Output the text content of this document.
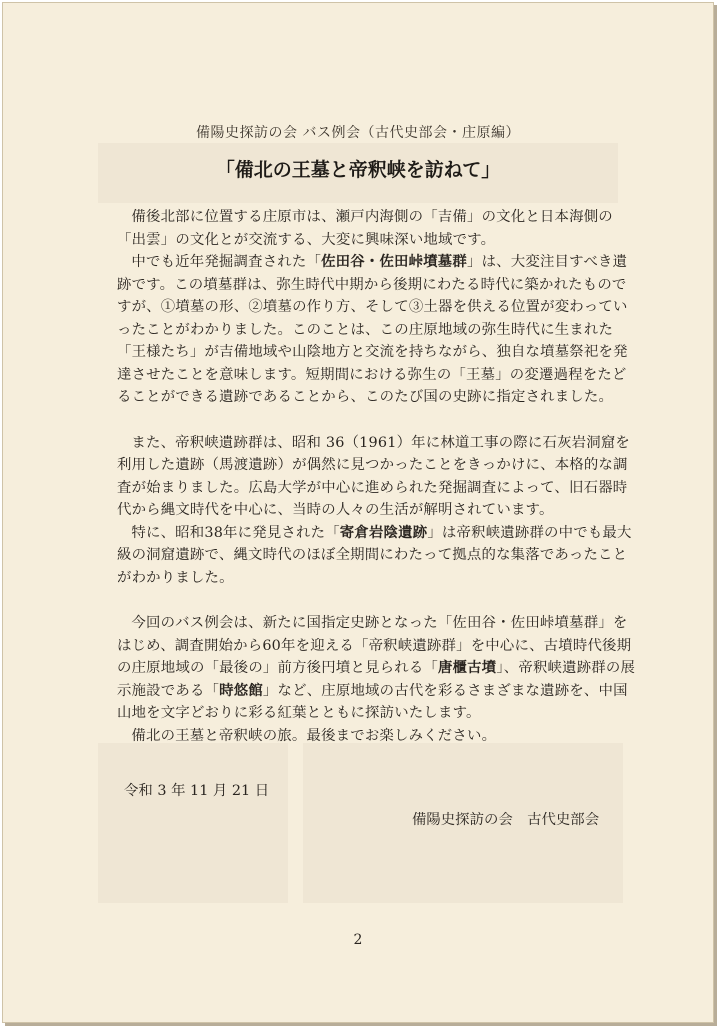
備陽史探訪の会 バス例会（古代史部会・庄原編）
「備北の王墓と帝釈峡を訪ねて」

備後北部に位置する庄原市は、瀬戸内海側の「吉備」の文化と日本海側の「出雲」の文化とが交流する、大変に興味深い地域です。

中でも近年発掘調査された「佐田谷・佐田峠墳墓群」は、大変注目すべき遺跡です。この墳墓群は、弥生時代中期から後期にわたる時代に築かれたものですが、①墳墓の形、②墳墓の作り方、そして③土器を供える位置が変わっていったことがわかりました。このことは、この庄原地域の弥生時代に生まれた「王様たち」が吉備地域や山陰地方と交流を持ちながら、独自な墳墓祭祀を発達させたことを意味します。短期間における弥生の「王墓」の変遷過程をたどることができる遺跡であることから、このたび国の史跡に指定されました。

また、帝釈峡遺跡群は、昭和 36（1961）年に林道工事の際に石灰岩洞窟を利用した遺跡（馬渡遺跡）が偶然に見つかったことをきっかけに、本格的な調査が始まりました。広島大学が中心に進められた発掘調査によって、旧石器時代から縄文時代を中心に、当時の人々の生活が解明されています。

特に、昭和38年に発見された「寄倉岩陰遺跡」は帝釈峡遺跡群の中でも最大級の洞窟遺跡で、縄文時代のほぼ全期間にわたって拠点的な集落であったことがわかりました。

今回のバス例会は、新たに国指定史跡となった「佐田谷・佐田峠墳墓群」をはじめ、調査開始から60年を迎える「帝釈峡遺跡群」を中心に、古墳時代後期の庄原地域の「最後の」前方後円墳と見られる「唐櫃古墳」、帝釈峡遺跡群の展示施設である「時悠館」など、庄原地域の古代を彩るさまざまな遺跡を、中国山地を文字どおりに彩る紅葉とともに探訪いたします。

備北の王墓と帝釈峡の旅。最後までお楽しみください。

令和 3 年 11 月 21 日
備陽史探訪の会　古代史部会
2
